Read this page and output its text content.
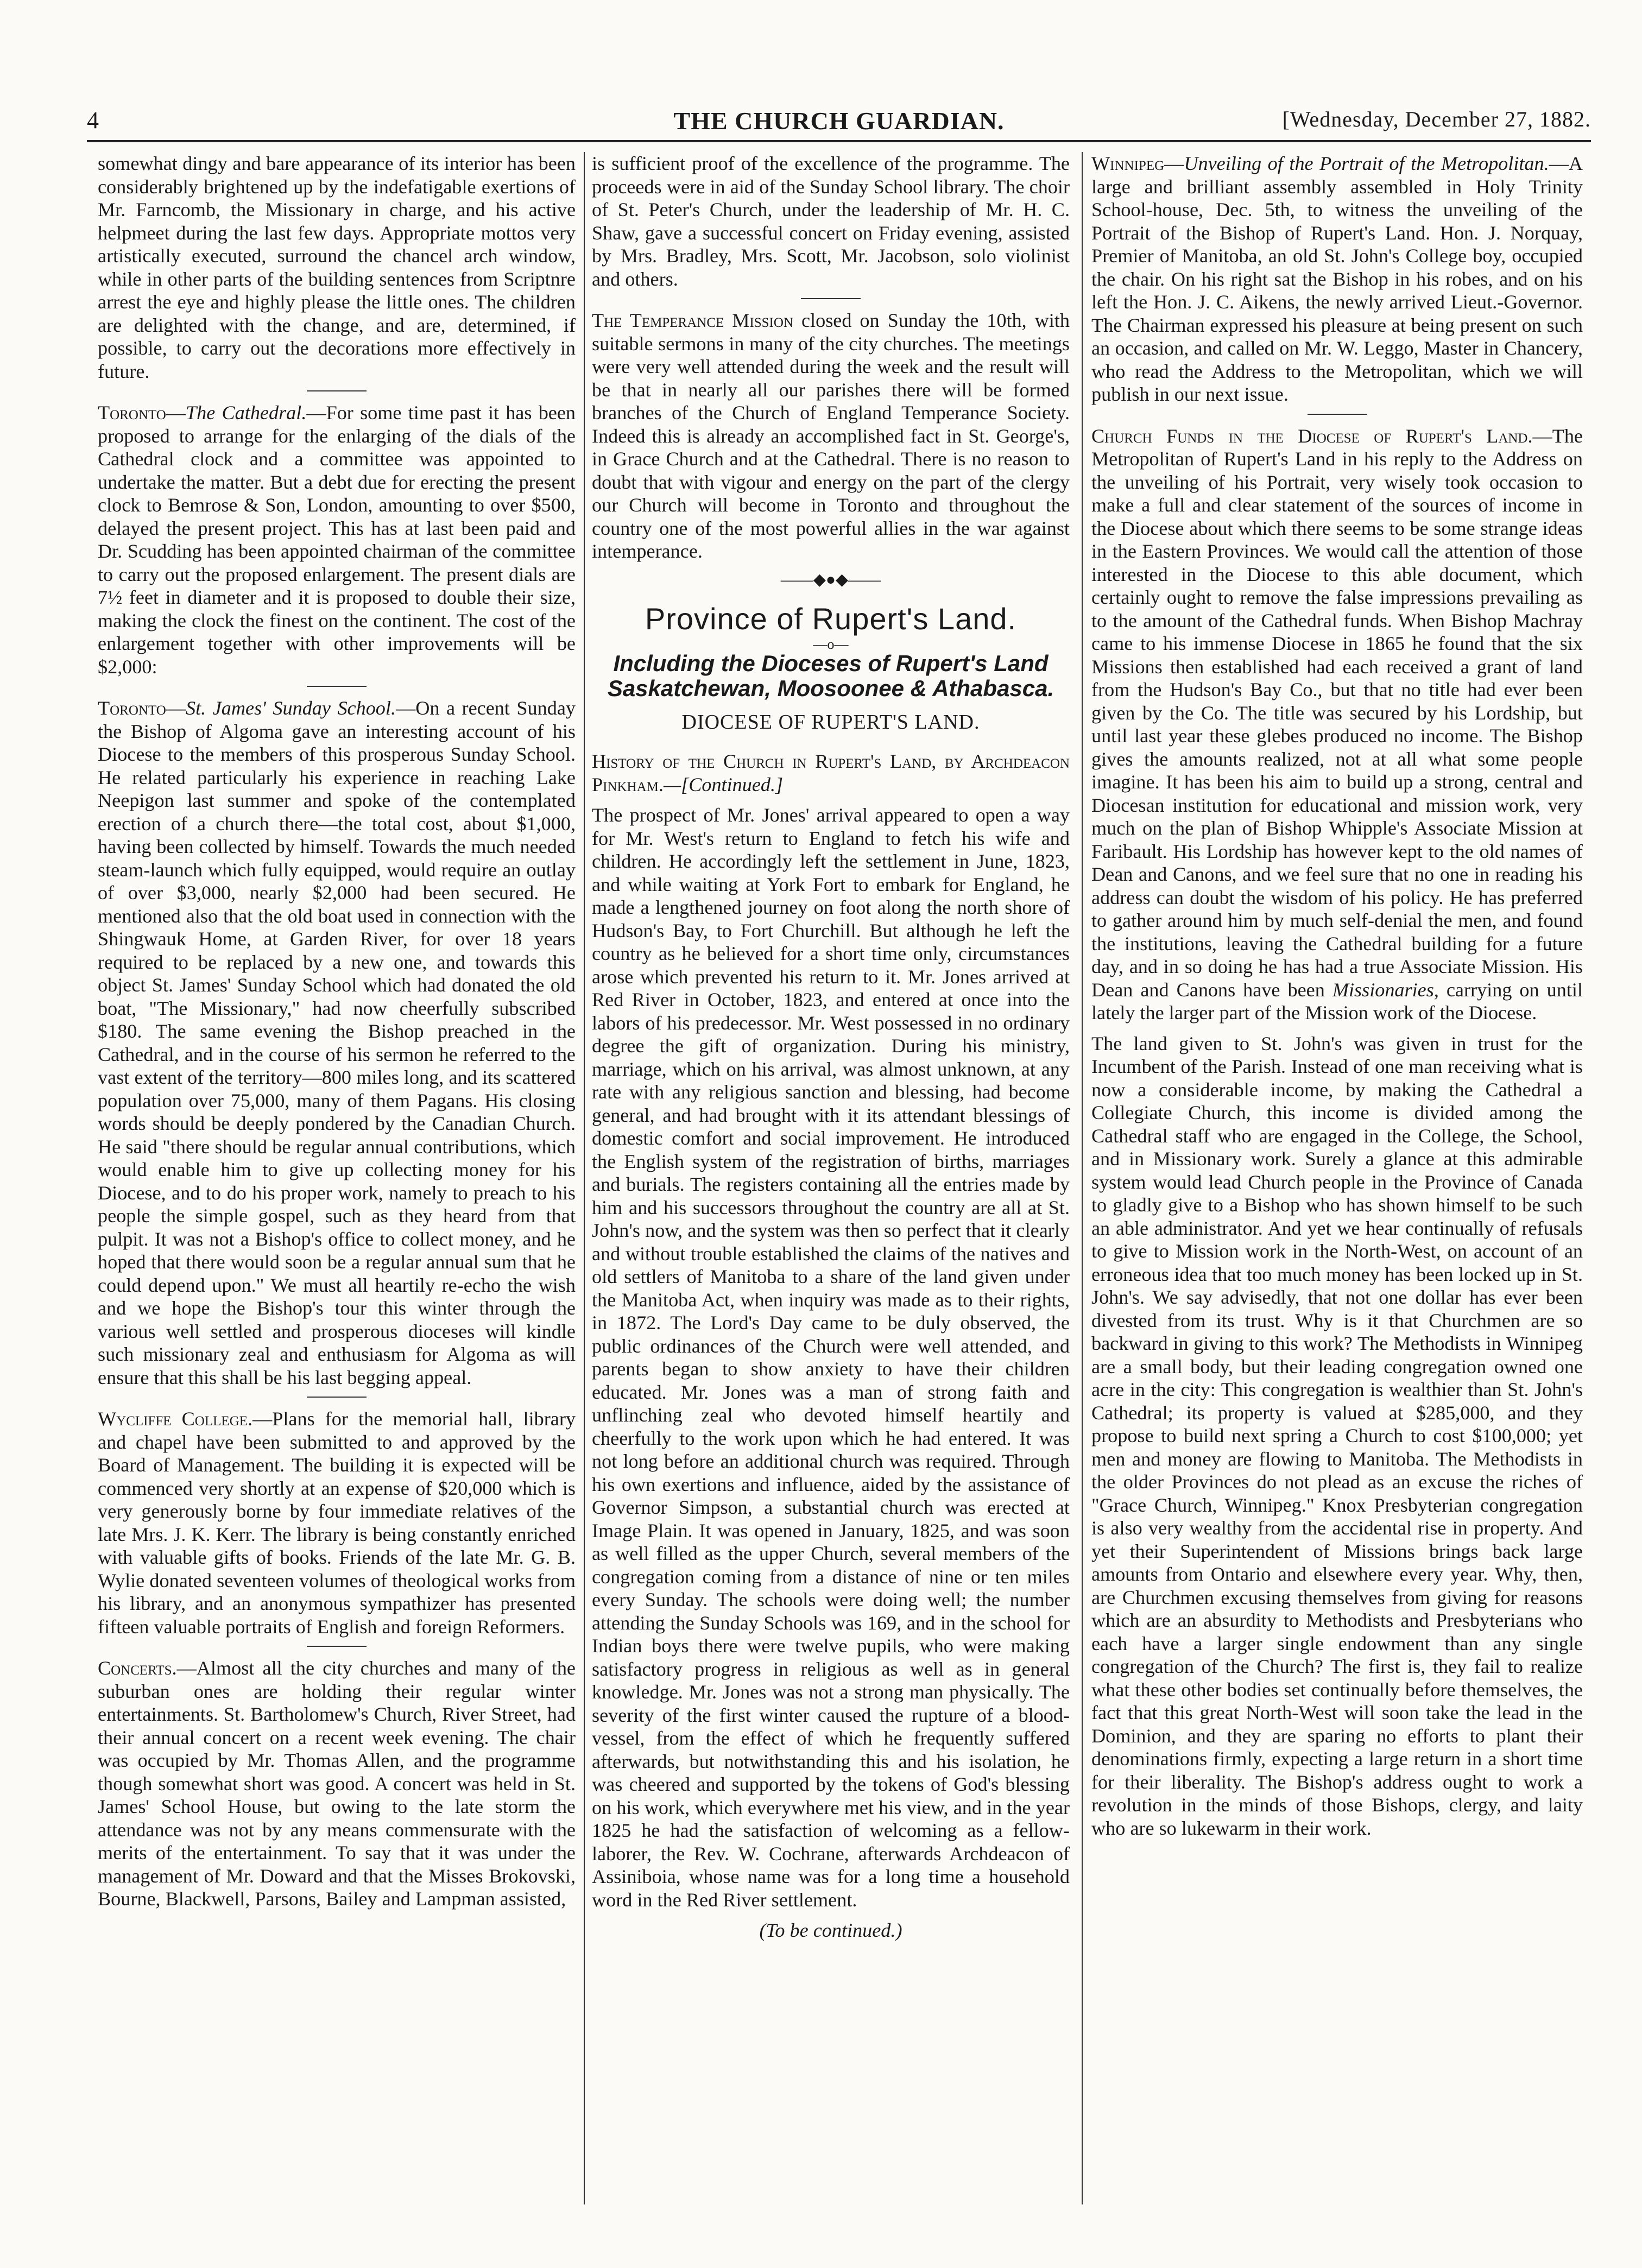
4	THE CHURCH GUARDIAN.	[Wednesday, December 27, 1882.

somewhat dingy and bare appearance of its interior has been considerably brightened up by the indefatigable exertions of Mr. Farncomb, the Missionary in charge, and his active helpmeet during the last few days. Appropriate mottos very artistically executed, surround the chancel arch window, while in other parts of the building sentences from Scriptnre arrest the eye and highly please the little ones. The children are delighted with the change, and are, determined, if possible, to carry out the decorations more effectively in future.

Toronto—The Cathedral.—For some time past it has been proposed to arrange for the enlarging of the dials of the Cathedral clock and a committee was appointed to undertake the matter. But a debt due for erecting the present clock to Bemrose & Son, London, amounting to over $500, delayed the present project. This has at last been paid and Dr. Scudding has been appointed chairman of the committee to carry out the proposed enlargement. The present dials are 7½ feet in diameter and it is proposed to double their size, making the clock the finest on the continent. The cost of the enlargement together with other improvements will be $2,000:

Toronto—St. James' Sunday School.—On a recent Sunday the Bishop of Algoma gave an interesting account of his Diocese to the members of this prosperous Sunday School. He related particularly his experience in reaching Lake Neepigon last summer and spoke of the contemplated erection of a church there—the total cost, about $1,000, having been collected by himself. Towards the much needed steam-launch which fully equipped, would require an outlay of over $3,000, nearly $2,000 had been secured. He mentioned also that the old boat used in connection with the Shingwauk Home, at Garden River, for over 18 years required to be replaced by a new one, and towards this object St. James' Sunday School which had donated the old boat, "The Missionary," had now cheerfully subscribed $180. The same evening the Bishop preached in the Cathedral, and in the course of his sermon he referred to the vast extent of the territory—800 miles long, and its scattered population over 75,000, many of them Pagans. His closing words should be deeply pondered by the Canadian Church. He said "there should be regular annual contributions, which would enable him to give up collecting money for his Diocese, and to do his proper work, namely to preach to his people the simple gospel, such as they heard from that pulpit. It was not a Bishop's office to collect money, and he hoped that there would soon be a regular annual sum that he could depend upon." We must all heartily re-echo the wish and we hope the Bishop's tour this winter through the various well settled and prosperous dioceses will kindle such missionary zeal and enthusiasm for Algoma as will ensure that this shall be his last begging appeal.

Wycliffe College.—Plans for the memorial hall, library and chapel have been submitted to and approved by the Board of Management. The building it is expected will be commenced very shortly at an expense of $20,000 which is very generously borne by four immediate relatives of the late Mrs. J. K. Kerr. The library is being constantly enriched with valuable gifts of books. Friends of the late Mr. G. B. Wylie donated seventeen volumes of theological works from his library, and an anonymous sympathizer has presented fifteen valuable portraits of English and foreign Reformers.

Concerts.—Almost all the city churches and many of the suburban ones are holding their regular winter entertainments. St. Bartholomew's Church, River Street, had their annual concert on a recent week evening. The chair was occupied by Mr. Thomas Allen, and the programme though somewhat short was good. A concert was held in St. James' School House, but owing to the late storm the attendance was not by any means commensurate with the merits of the entertainment. To say that it was under the management of Mr. Doward and that the Misses Brokovski, Bourne, Blackwell, Parsons, Bailey and Lampman assisted,

is sufficient proof of the excellence of the programme. The proceeds were in aid of the Sunday School library. The choir of St. Peter's Church, under the leadership of Mr. H. C. Shaw, gave a successful concert on Friday evening, assisted by Mrs. Bradley, Mrs. Scott, Mr. Jacobson, solo violinist and others.

The Temperance Mission closed on Sunday the 10th, with suitable sermons in many of the city churches. The meetings were very well attended during the week and the result will be that in nearly all our parishes there will be formed branches of the Church of England Temperance Society. Indeed this is already an accomplished fact in St. George's, in Grace Church and at the Cathedral. There is no reason to doubt that with vigour and energy on the part of the clergy our Church will become in Toronto and throughout the country one of the most powerful allies in the war against intemperance.

——◆●◆——
Province of Rupert's Land.
—o—
Including the Dioceses of Rupert's Land Saskatchewan, Moosoonee & Athabasca.
DIOCESE OF RUPERT'S LAND.

History of the Church in Rupert's Land, by Archdeacon Pinkham.—[Continued.]

The prospect of Mr. Jones' arrival appeared to open a way for Mr. West's return to England to fetch his wife and children. He accordingly left the settlement in June, 1823, and while waiting at York Fort to embark for England, he made a lengthened journey on foot along the north shore of Hudson's Bay, to Fort Churchill. But although he left the country as he believed for a short time only, circumstances arose which prevented his return to it. Mr. Jones arrived at Red River in October, 1823, and entered at once into the labors of his predecessor. Mr. West possessed in no ordinary degree the gift of organization. During his ministry, marriage, which on his arrival, was almost unknown, at any rate with any religious sanction and blessing, had become general, and had brought with it its attendant blessings of domestic comfort and social improvement. He introduced the English system of the registration of births, marriages and burials. The registers containing all the entries made by him and his successors throughout the country are all at St. John's now, and the system was then so perfect that it clearly and without trouble established the claims of the natives and old settlers of Manitoba to a share of the land given under the Manitoba Act, when inquiry was made as to their rights, in 1872. The Lord's Day came to be duly observed, the public ordinances of the Church were well attended, and parents began to show anxiety to have their children educated. Mr. Jones was a man of strong faith and unflinching zeal who devoted himself heartily and cheerfully to the work upon which he had entered. It was not long before an additional church was required. Through his own exertions and influence, aided by the assistance of Governor Simpson, a substantial church was erected at Image Plain. It was opened in January, 1825, and was soon as well filled as the upper Church, several members of the congregation coming from a distance of nine or ten miles every Sunday. The schools were doing well; the number attending the Sunday Schools was 169, and in the school for Indian boys there were twelve pupils, who were making satisfactory progress in religious as well as in general knowledge. Mr. Jones was not a strong man physically. The severity of the first winter caused the rupture of a blood-vessel, from the effect of which he frequently suffered afterwards, but notwithstanding this and his isolation, he was cheered and supported by the tokens of God's blessing on his work, which everywhere met his view, and in the year 1825 he had the satisfaction of welcoming as a fellow-laborer, the Rev. W. Cochrane, afterwards Archdeacon of Assiniboia, whose name was for a long time a household word in the Red River settlement.

(To be continued.)

Winnipeg—Unveiling of the Portrait of the Metropolitan.—A large and brilliant assembly assembled in Holy Trinity School-house, Dec. 5th, to witness the unveiling of the Portrait of the Bishop of Rupert's Land. Hon. J. Norquay, Premier of Manitoba, an old St. John's College boy, occupied the chair. On his right sat the Bishop in his robes, and on his left the Hon. J. C. Aikens, the newly arrived Lieut.-Governor. The Chairman expressed his pleasure at being present on such an occasion, and called on Mr. W. Leggo, Master in Chancery, who read the Address to the Metropolitan, which we will publish in our next issue.

Church Funds in the Diocese of Rupert's Land.—The Metropolitan of Rupert's Land in his reply to the Address on the unveiling of his Portrait, very wisely took occasion to make a full and clear statement of the sources of income in the Diocese about which there seems to be some strange ideas in the Eastern Provinces. We would call the attention of those interested in the Diocese to this able document, which certainly ought to remove the false impressions prevailing as to the amount of the Cathedral funds. When Bishop Machray came to his immense Diocese in 1865 he found that the six Missions then established had each received a grant of land from the Hudson's Bay Co., but that no title had ever been given by the Co. The title was secured by his Lordship, but until last year these glebes produced no income. The Bishop gives the amounts realized, not at all what some people imagine. It has been his aim to build up a strong, central and Diocesan institution for educational and mission work, very much on the plan of Bishop Whipple's Associate Mission at Faribault. His Lordship has however kept to the old names of Dean and Canons, and we feel sure that no one in reading his address can doubt the wisdom of his policy. He has preferred to gather around him by much self-denial the men, and found the institutions, leaving the Cathedral building for a future day, and in so doing he has had a true Associate Mission. His Dean and Canons have been Missionaries, carrying on until lately the larger part of the Mission work of the Diocese.

The land given to St. John's was given in trust for the Incumbent of the Parish. Instead of one man receiving what is now a considerable income, by making the Cathedral a Collegiate Church, this income is divided among the Cathedral staff who are engaged in the College, the School, and in Missionary work. Surely a glance at this admirable system would lead Church people in the Province of Canada to gladly give to a Bishop who has shown himself to be such an able administrator. And yet we hear continually of refusals to give to Mission work in the North-West, on account of an erroneous idea that too much money has been locked up in St. John's. We say advisedly, that not one dollar has ever been divested from its trust. Why is it that Churchmen are so backward in giving to this work? The Methodists in Winnipeg are a small body, but their leading congregation owned one acre in the city: This congregation is wealthier than St. John's Cathedral; its property is valued at $285,000, and they propose to build next spring a Church to cost $100,000; yet men and money are flowing to Manitoba. The Methodists in the older Provinces do not plead as an excuse the riches of "Grace Church, Winnipeg." Knox Presbyterian congregation is also very wealthy from the accidental rise in property. And yet their Superintendent of Missions brings back large amounts from Ontario and elsewhere every year. Why, then, are Churchmen excusing themselves from giving for reasons which are an absurdity to Methodists and Presbyterians who each have a larger single endowment than any single congregation of the Church? The first is, they fail to realize what these other bodies set continually before themselves, the fact that this great North-West will soon take the lead in the Dominion, and they are sparing no efforts to plant their denominations firmly, expecting a large return in a short time for their liberality. The Bishop's address ought to work a revolution in the minds of those Bishops, clergy, and laity who are so lukewarm in their work.
